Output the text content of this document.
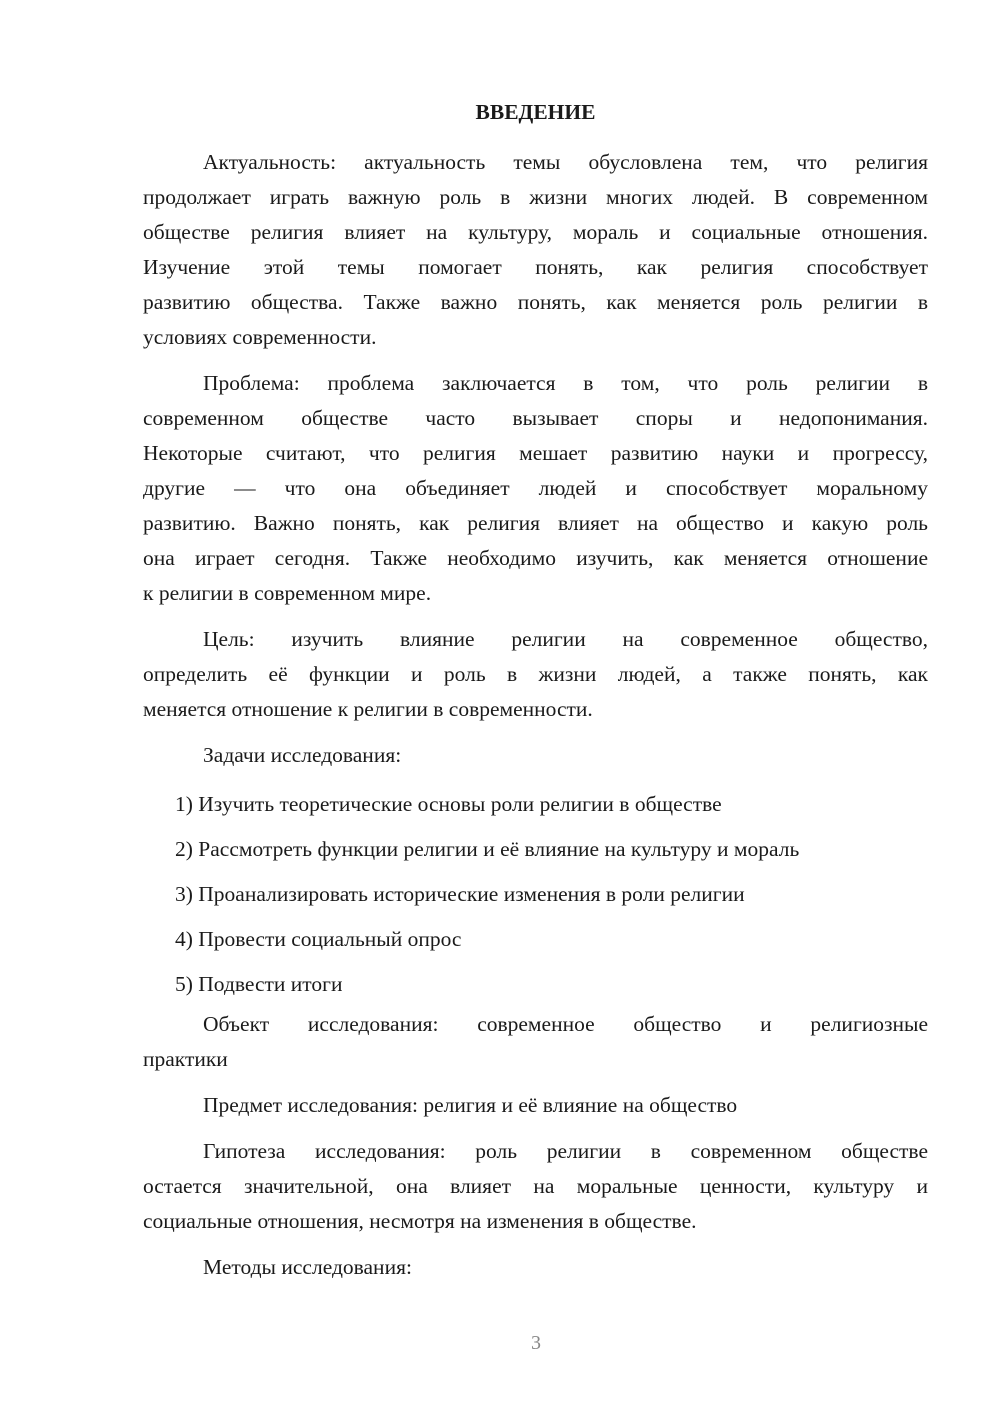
ВВЕДЕНИЕ
Актуальность: актуальность темы обусловлена тем, что религия
продолжает играть важную роль в жизни многих людей. В современном
обществе религия влияет на культуру, мораль и социальные отношения.
Изучение этой темы помогает понять, как религия способствует
развитию общества. Также важно понять, как меняется роль религии в
условиях современности.
Проблема: проблема заключается в том, что роль религии в
современном обществе часто вызывает споры и недопонимания.
Некоторые считают, что религия мешает развитию науки и прогрессу,
другие — что она объединяет людей и способствует моральному
развитию. Важно понять, как религия влияет на общество и какую роль
она играет сегодня. Также необходимо изучить, как меняется отношение
к религии в современном мире.
Цель: изучить влияние религии на современное общество,
определить её функции и роль в жизни людей, а также понять, как
меняется отношение к религии в современности.
Задачи исследования:
1) Изучить теоретические основы роли религии в обществе
2) Рассмотреть функции религии и её влияние на культуру и мораль
3) Проанализировать исторические изменения в роли религии
4) Провести социальный опрос
5) Подвести итоги
Объект исследования: современное общество и религиозные
практики
Предмет исследования: религия и её влияние на общество
Гипотеза исследования: роль религии в современном обществе
остается значительной, она влияет на моральные ценности, культуру и
социальные отношения, несмотря на изменения в обществе.
Методы исследования:
3
